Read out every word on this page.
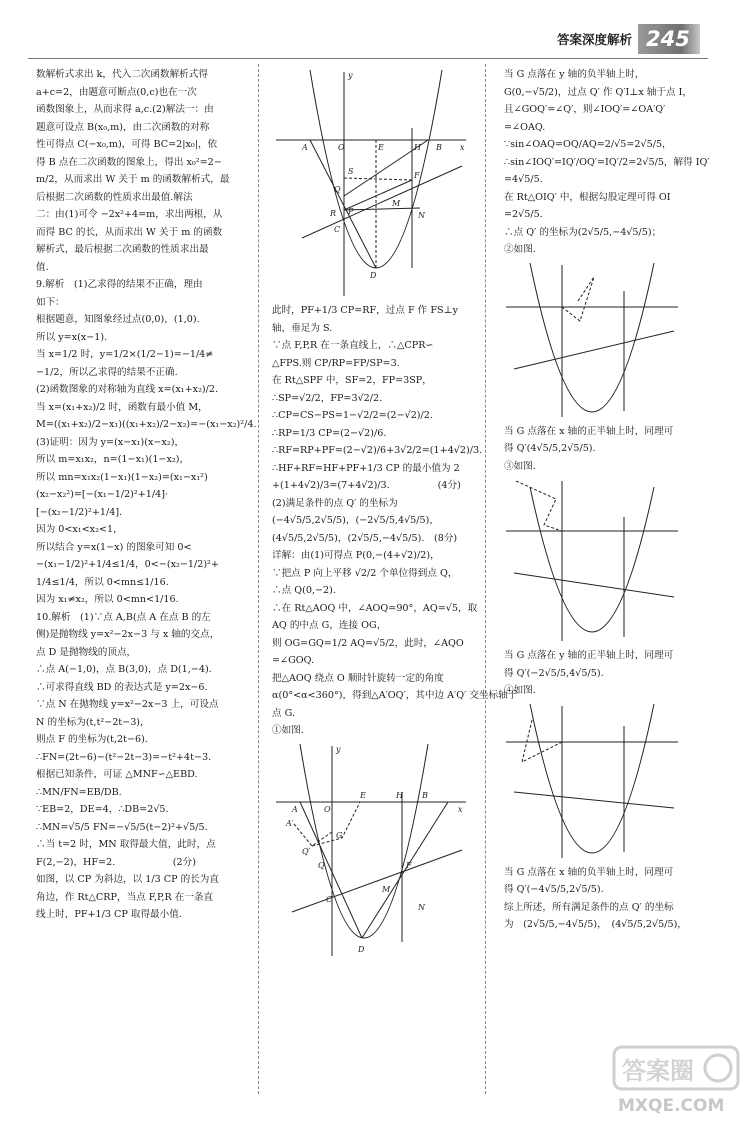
答案深度解析 245
数解析式求出 k，代入二次函数解析式得
a+c=2，由题意可断点(0,c)也在一次
函数图象上，从而求得 a,c.(2)解法一：由
题意可设点 B(x₀,m)，由二次函数的对称
性可得点 C(−x₀,m)，可得 BC=2|x₀|，依
得 B 点在二次函数的图象上，得出 x₀²=2−
m/2，从而求出 W 关于 m 的函数解析式，最
后根据二次函数的性质求出最值.解法
二：由(1)可令 −2x²+4=m，求出两根，从
而得 BC 的长，从而求出 W 关于 m 的函数
解析式，最后根据二次函数的性质求出最
值.
9.解析　(1)乙求得的结果不正确，理由
如下：
根据题意，知图象经过点(0,0)，(1,0).
所以 y=x(x−1).
当 x=1/2 时，y=1/2×(1/2−1)=−1/4≠
−1/2，所以乙求得的结果不正确.
(2)函数图象的对称轴为直线 x=(x₁+x₂)/2.
当 x=(x₁+x₂)/2 时，函数有最小值 M，
M=((x₁+x₂)/2−x₁)((x₁+x₂)/2−x₂)=−(x₁−x₂)²/4.
(3)证明：因为 y=(x−x₁)(x−x₂)，
所以 m=x₁x₂，n=(1−x₁)(1−x₂)，
所以 mn=x₁x₂(1−x₁)(1−x₂)=(x₁−x₁²)
(x₂−x₂²)=[−(x₁−1/2)²+1/4]·
[−(x₂−1/2)²+1/4].
因为 0<x₁<x₂<1，
所以结合 y=x(1−x) 的图象可知 0<
−(x₁−1/2)²+1/4≤1/4，0<−(x₂−1/2)²+
1/4≤1/4，所以 0<mn≤1/16.
因为 x₁≠x₂，所以 0<mn<1/16.
10.解析　(1)∵点 A,B(点 A 在点 B 的左
侧)是抛物线 y=x²−2x−3 与 x 轴的交点，
点 D 是抛物线的顶点，
∴点 A(−1,0)，点 B(3,0)，点 D(1,−4).
∴可求得直线 BD 的表达式是 y=2x−6.
∵点 N 在抛物线 y=x²−2x−3 上，可设点
N 的坐标为(t,t²−2t−3)，
则点 F 的坐标为(t,2t−6).
∴FN=(2t−6)−(t²−2t−3)=−t²+4t−3.
根据已知条件，可证 △MNF∽△EBD.
∴MN/FN=EB/DB.
∵EB=2，DE=4，∴DB=2√5.
∴MN=√5/5 FN=−√5/5(t−2)²+√5/5.
∴当 t=2 时，MN 取得最大值，此时，点
F(2,−2)，HF=2.　　　　　　(2分)
如图，以 CP 为斜边，以 1/3 CP 的长为直
角边，作 Rt△CRP，当点 F,P,R 在一条直
线上时，PF+1/3 CP 取得最小值.
y
A	O	E	H B x
Q
F
R P
M
N
C
S
D
此时，PF+1/3 CP=RF，过点 F 作 FS⊥y
轴，垂足为 S.
∵点 F,P,R 在一条直线上，∴△CPR∽
△FPS.则 CP/RP=FP/SP=3.
在 Rt△SPF 中，SF=2，FP=3SP，
∴SP=√2/2，FP=3√2/2.
∴CP=CS−PS=1−√2/2=(2−√2)/2.
∴RP=1/3 CP=(2−√2)/6.
∴RF=RP+PF=(2−√2)/6+3√2/2=(1+4√2)/3.
∴HF+RF=HF+PF+1/3 CP 的最小值为 2
+(1+4√2)/3=(7+4√2)/3.　　　　　(4分)
(2)满足条件的点 Q′ 的坐标为
(−4√5/5,2√5/5)，(−2√5/5,4√5/5)，
(4√5/5,2√5/5)，(2√5/5,−4√5/5).　(8分)
详解：由(1)可得点 P(0,−(4+√2)/2)，
∵把点 P 向上平移 √2/2 个单位得到点 Q，
∴点 Q(0,−2).
∴在 Rt△AOQ 中，∠AOQ=90°，AQ=√5，取
AQ 的中点 G，连接 OG，
则 OG=GQ=1/2 AQ=√5/2，此时，∠AQO
=∠GOQ.
把△AOQ 绕点 O 顺时针旋转一定的角度
α(0°<α<360°)，得到△A′OQ′，其中边 A′Q′ 交坐标轴于
点 G.
①如图.
y
A	O
E	H B
x
A′
Q′
Q
G
F
M
N
C
D
当 G 点落在 y 轴的负半轴上时，
G(0,−√5/2)，过点 Q′ 作 Q′I⊥x 轴于点 I，
且∠GOQ′=∠Q′，则∠IOQ′=∠OA′Q′
=∠OAQ.
∵sin∠OAQ=OQ/AQ=2/√5=2√5/5，
∴sin∠IOQ′=IQ′/OQ′=IQ′/2=2√5/5，解得 IQ′
=4√5/5.
在 Rt△OIQ′ 中，根据勾股定理可得 OI
=2√5/5.
∴点 Q′ 的坐标为(2√5/5,−4√5/5)；
②如图.
当 G 点落在 x 轴的正半轴上时，同理可
得 Q′(4√5/5,2√5/5).
③如图.
当 G 点落在 y 轴的正半轴上时，同理可
得 Q′(−2√5/5,4√5/5).
④如图.
当 G 点落在 x 轴的负半轴上时，同理可
得 Q′(−4√5/5,2√5/5).
综上所述，所有满足条件的点 Q′ 的坐标
为　(2√5/5,−4√5/5)，　(4√5/5,2√5/5)，
答案圈
MXQE.COM
